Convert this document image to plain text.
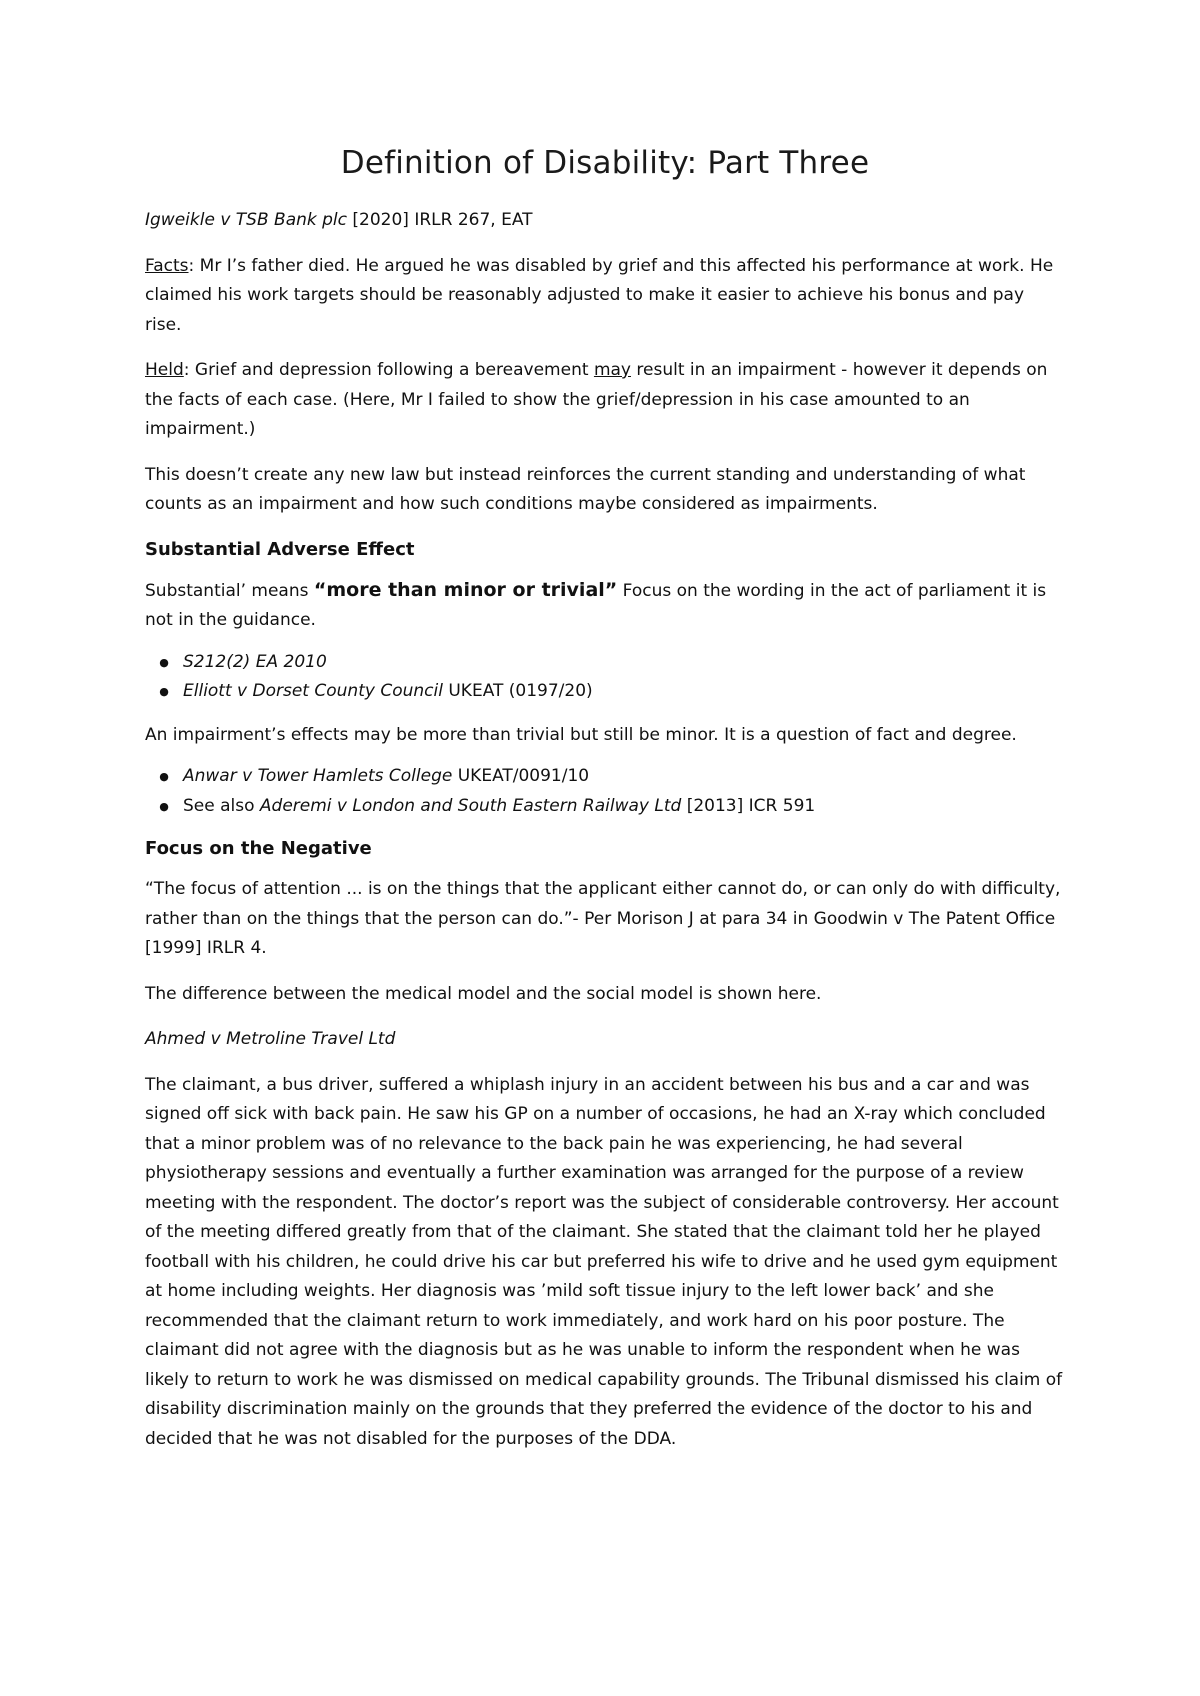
Definition of Disability: Part Three

Igweikle v TSB Bank plc [2020] IRLR 267, EAT

Facts: Mr I’s father died. He argued he was disabled by grief and this affected his performance at work. He claimed his work targets should be reasonably adjusted to make it easier to achieve his bonus and pay rise.

Held: Grief and depression following a bereavement may result in an impairment - however it depends on the facts of each case. (Here, Mr I failed to show the grief/depression in his case amounted to an impairment.)

This doesn’t create any new law but instead reinforces the current standing and understanding of what counts as an impairment and how such conditions maybe considered as impairments.

Substantial Adverse Effect

Substantial’ means “more than minor or trivial” Focus on the wording in the act of parliament it is not in the guidance.

● S212(2) EA 2010
● Elliott v Dorset County Council UKEAT (0197/20)

An impairment’s effects may be more than trivial but still be minor. It is a question of fact and degree.

● Anwar v Tower Hamlets College UKEAT/0091/10
● See also Aderemi v London and South Eastern Railway Ltd [2013] ICR 591
Focus on the Negative

“The focus of attention ... is on the things that the applicant either cannot do, or can only do with difficulty, rather than on the things that the person can do.”- Per Morison J at para 34 in Goodwin v The Patent Office [1999] IRLR 4.

The difference between the medical model and the social model is shown here.

Ahmed v Metroline Travel Ltd

The claimant, a bus driver, suffered a whiplash injury in an accident between his bus and a car and was signed off sick with back pain. He saw his GP on a number of occasions, he had an X-ray which concluded that a minor problem was of no relevance to the back pain he was experiencing, he had several physiotherapy sessions and eventually a further examination was arranged for the purpose of a review meeting with the respondent. The doctor’s report was the subject of considerable controversy. Her account of the meeting differed greatly from that of the claimant. She stated that the claimant told her he played football with his children, he could drive his car but preferred his wife to drive and he used gym equipment at home including weights. Her diagnosis was ’mild soft tissue injury to the left lower back’ and she recommended that the claimant return to work immediately, and work hard on his poor posture. The claimant did not agree with the diagnosis but as he was unable to inform the respondent when he was likely to return to work he was dismissed on medical capability grounds. The Tribunal dismissed his claim of disability discrimination mainly on the grounds that they preferred the evidence of the doctor to his and decided that he was not disabled for the purposes of the DDA.
